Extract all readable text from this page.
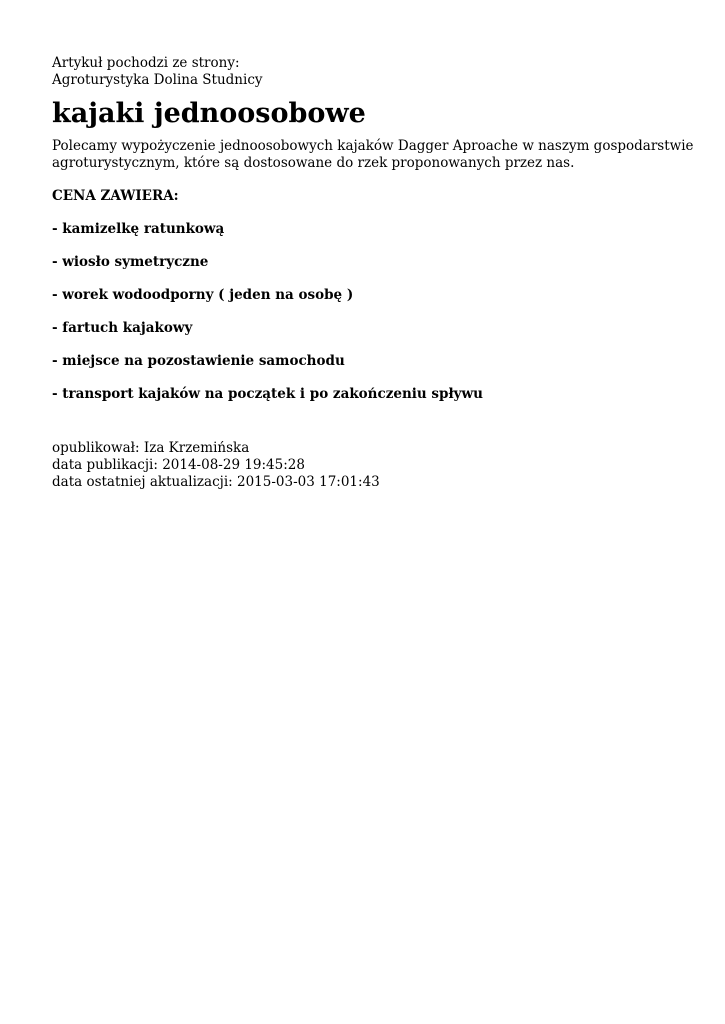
Artykuł pochodzi ze strony:

Agroturystyka Dolina Studnicy

kajaki jednoosobowe

Polecamy wypożyczenie jednoosobowych kajaków Dagger Aproache w naszym gospodarstwie

agroturystycznym, które są dostosowane do rzek proponowanych przez nas.

CENA ZAWIERA:

- kamizelkę ratunkową
- wiosło symetryczne
- worek wodoodporny ( jeden na osobę )
- fartuch kajakowy
- miejsce na pozostawienie samochodu
- transport kajaków na początek i po zakończeniu spływu

opublikował: Iza Krzemińska

data publikacji: 2014-08-29 19:45:28

data ostatniej aktualizacji: 2015-03-03 17:01:43
